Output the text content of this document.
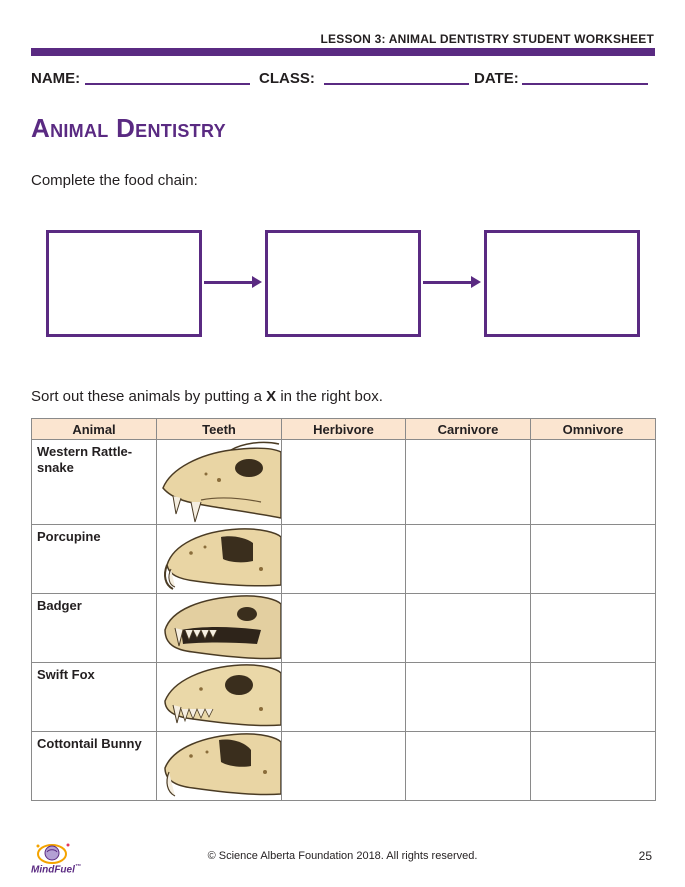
LESSON 3: ANIMAL DENTISTRY STUDENT WORKSHEET
NAME:	CLASS:	DATE:
Animal Dentistry
Complete the food chain:
Sort out these animals by putting a X in the right box.
Animal	Teeth	Herbivore	Carnivore	Omnivore
Western Rattle-snake	

Porcupine	

Badger	

Swift Fox	

Cottontail Bunny	

MindFuel™
© Science Alberta Foundation 2018. All rights reserved.	25
